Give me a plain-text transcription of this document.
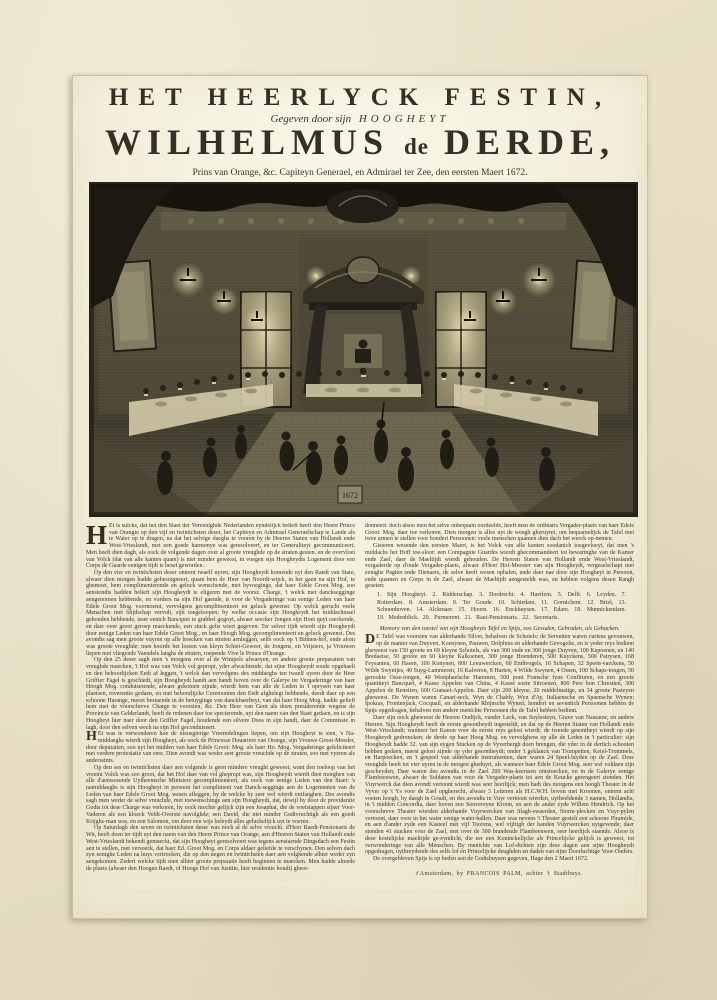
HET HEERLYCK FESTIN,
Gegeven door sijn HOOGHEYT
WILHELMUS de DERDE,
Prins van Orange, &c. Capiteyn Generael, en Admirael ter Zee, den eersten Maert 1672.
1672

H Et is sulcks, dat het den Staet der Vereenighde Nederlanden eyndelijck belieft heeft den Heere Prince van Orangie op den vijf en twintichsten deser, het Capiteyn en Admirael Generaelschap te Lande als te Water op te dragen, na dat het selvige daeghs te vooren by de Heeren Staten van Hollandt ende West-Vrieslandt, met een goede harmonye was geresolveert, en ter Generaliteyt gecommuniceert. Men heeft dien dagh, als oock de volgende dagen over al groote vreughde op de straten gesien, en de overvloet van Volck (dat van alle kanten quam) is niet minder geweest, in voegen sijn Hoogheydts Logement door een Corps de Guarde eenigen tijdt is beset geworden.

Op den vier en twintichsten deser ontrent twaelf uyren, sijn Hoogheydt komende uyt den Raedt van State, alwaer dien morgen hadde gebesoigneert, quam hem de Heer van Noordt-wijck, in het gaen na sijn Hof, te ghemoet, hem complimenterende en geluck wenschende, met byvoeginge, dat haer Edele Groot Mog. soo aenstondts hadden belieft sijn Hoogheydt te eligeren met de voorsz. Charge, 't welck met dancksegginge aengenomen hebbende, en vorders na sijn Hof gaende, is voor de Vergaderinge van eenige Leden van haer Edele Groot Mog. voornoemt, vervolgens gecomplimenteert en geluck gewenst: Op welck gerucht veele Menschen met blijdschap vervult, sijn toegeloopen; by welke occasie sijn Hoogheydt het middachmael gehouden hebbende, isser eenich Bancquet te grabbel gegoyt, alwaer seecker Jongen sijn Hoet quyt raeckende, en daer over groot geroep maeckende, een stuck gelts wiert gegeven: Ter selver tijdt wierdt sijn Hoogheydt door eenige Leden van haer Edele Groot Mog., en haer Hoogh Mog. gecomplimenteert en geluck gewenst. Des avondts sag men groote vuyren op alle hoecken van straten aenleggen, selfs oock op 't Binnen-hof, ende alom was groote vreughde; men hoorde het lossen van kleyn Schiet-Geweer, de Jongens, en Vrijsters, ja Vrouwen liepen met vliegende Vaendels langhs de straten, roepende Vive le Prince d'Orange.

Op den 25 deser sagh men 's morgens over al de Wimpels afwaeyen, en andere groote preparatien van vreughde maecken, 't Hof was van Volck vol gepropt, yder afwachtende, dat sijne Hoogheydt soude opgehaelt en den behoorlijcken Eedt af leggen, 't welck dan vervolgens des middaeghs ten twaelf uyren door de Heer Griffier Fagel is geschiedt, sijn Hoogheydt handt aen handt boven over de Galerye ter Vergaderinge van haer Hoogh Mog. conduiserende, alwaer gekomen zijnde, wierdt hem van alle de Leden in 't oprysen van haer plaetsen, reverentie gedaen, en met behoorlijcke Ceremonien den Eedt afghelegt hebbende, deedt daer op een schoone Harange, meest bestaende in de betuyginge van danckbaerheyt, van dat haer Hoog Mog. hadde gelieft hem met de voorschreve Charge te voorsien, &c. Den Heer van Gent als doen presiderende wegens de Provincie van Gelderlandt, heeft de redenen daer toe specterende, uyt den naem van den Staet gedaen, en is sijn Hoogheyt hier naer door den Griffier Fagel, houdende een silvere Doos in sijn handt, daer de Commissie in lagh, door den selven wech na sijn Hof geconduiseert.

H Et was te verwonderen hoe de nieusgierige Vreemdelingen liepen, om sijn Hoogheyt te sien, 's Na-middaeghs wierdt sijn Hoogheyt, als oock de Princesse Douariere van Orange, sijn Vrouwe Groot-Moeder, door deputatien, soo uyt het midden van haer Edele Groot: Mog. als haer Ho. Mog. Vergaderinge gefeliciteert met verdere protestatie van eere. Dien avondt was weder seer groote vreuchde op de straten, soo met vyeren als anderssints.

Op den ses en twintichsten daer aen volgende is geen mindere vreught geweest, want den toeloop van het vreemt Volck was soo groot, dat het Hof daer van vol ghepropt was, sijn Hoogheydt wierdt dien morghen van alle d'aenwesende Uytheemsche Ministers gecomplimenteert, als oock van eenige Leden van den Staet: 's namiddaeghs is sijn Hoogheyt in persoon het compliment van Danck-segginge aen de Logementen van de Leden van haer Edele Groot Mog. wesen afleggen, by de welcke hy seer wel wierdt ontfanghen. Des avondts sagh men weder de selve vreuchde, met toewenschinge aen sijn Hoogheydt, dat, dewijl hy door de providentie Godts tot dese Charge was verkoren, hy oock mochte gelijck zijn een Josaphat, die de voetstappen sijner Voor-Vaderen als een kloeck Veldt-Overste navolghde; een David, die niet minder Godtvruchtigh als een goedt Krijghs-man was, en een Salomon, om door een wijs beleydt alles geluckelijck uyt te voeren.

Op Saturdagh den seven en twintichsten deser was noch al de selve vreucht. d'Heer Raedt-Pensionaris de Wit, heeft doen ter tijdt uyt den naem van den Heere Prince van Orange, aen d'Heeren Staten van Hollandt ende West-Vrieslandt bekendt gemaeckt, dat sijn Hoogheyt geresolveert was tegens aenstaende Dingsdach een Festin aen te stellen, met versoeck, dat haer Ed. Groot Mog. en Corps aldaer geliefde te verschynen. Den selven dach zyn eenighe Leden na huys vertrocken, die op den negen en twintichsten daer aen volghende alhier weder zyn aengekomen. Zedert welcke tijdt men alhier groote preparatie heeft beginnen te maecken. Men hadde alreede de plaets (alwaer den Hoogen Raedt, of Hooge Hof van Justitie, hier residentie houdt) gheor-

donneert: doch alsoo men het selve onbequam oordeelde, heeft men de ordinaris Vergader-plaets van haer Edele Groot: Mog. daer toe verkoren. Dien morgen is alles uyt de weegh gheruymt, om bequamelijck de Tafel met twee armen te stellen voor hondert Persoonen: veele menschen quamen dien dach het werck op-nemen.

Gisteren wesende den eersten Maert, is het Volck van alle kanten soodanich toegevloeyt, dat men 's middachs het Hoff toe-sloot: een Compagnie Guardes wierdt ghecommandeert tot bewaringhe van de Kamer ende Zael, daer de Maeltijdt wierdt gehouden. De Heeren Staten van Hollandt ende West-Vrieslandt, vergaderde op d'oude Vergader-plaets, alwaer d'Heer Hof-Meester van sijn Hoogheydt, vergeselschapt met eenighe Pagien ende Dienaers, de selve heeft wesen ophalen, ende daer nae door sijn Hoogheyt in Persoon, ende quamen en Corps in de Zael, alwaer de Maeltijdt aengesteldt was, en hebben volgens desen Rangh geseten:

1. Sijn Hoogheyt. 2. Ridderschap. 3. Dordrecht: 4. Haerlem. 5. Delft. 6. Leyden. 7. Rotterdam. 8. Amsterdam. 9. Ter Goude. 10. Schiedam. 11. Gornichem. 12. Briel, 13. Schoonhoven. 14. Alckmaer. 15. Hoorn. 16. Enckhuysen. 17. Edam. 18. Munnickendam. 19. Medenblick. 20. Purmerent. 21. Raet-Pensionaris. 22. Secretaris.

Memory van den toestel van sijn Hoogheyts Tafel en Spijs, soo Gesoden, Gebraden, als Gebacken.

D E Tafel was voorsien van alderhande Silver, behalven de Schotels: de Servetten waren curieus gevouwen, op de manier van Duyven, Koenynen, Pauwen, Dolphins en alderhande Gevogelte, en is yeder reys bedient gheweest van 150 groote en 69 kleyne Schotels, als van 300 oude en 300 jonge Duyven, 100 Kapoenen, en 140 Bredaetse, 50 groote en 60 kleyne Kalkoenen, 300 jonge Hoenderen, 500 Kuyckens, 500 Patrysen, 168 Feysanten, 60 Hasen, 100 Konynen, 800 Leeuwercken, 60 Endtvogels, 16 Schapen, 32 Speen-varckens, 50 Wilde Swyntjes, 40 Suyg-Lammeren, 16 Kalveren, 8 Harten, 4 Wilde Swynen, 4 Ossen, 100 Schaps-tongen, 50 gerookte Osse-tongen, 40 Westphaelsche Hammen, 500 pont Fransche fyne Confituren, en een groote quantiteyt Bancquet, 4 Kasse Appelen van China, 4 Kasse soete Sitroenen, 800 Pere bon Chrestien, 300 Appelen de Renetten, 600 Granaet-Appelen. Daer sijn 200 kleyne, 20 middelmatige, en 34 groote Pasteyen gheweest. De Wynen waren Canari-seck, Wyn de Chably, Wyn d'Ay, Italiaensche en Spaensche Wynen: Ipokras, Frontenjack, Cocquail, en alderhande Rhijnsche Wynen; hondert en seventich Persoonen hebben de Spijs opgedragen, behalven een andere menichte Persoonen die de Tafel hebben bedient.

Daer sijn oock gheweest de Heeren Oudijck, vander Leck, van Suylesteyn, Grave van Nassauw, en andere Heeren. Sijn Hoogheydt heeft de eerste gesontheydt ingesteldt, en dat op de Heeren Staten van Hollandt ende West-Vrieslandt; wanneer het Kanon voor de eerste reys gelost wierdt; de tweede gesontheyt wierdt op sijn Hoogheydt gedroncken; de derde op haer Hoog Mog. en vervolghens op alle de Leden in 't particulier: sijn Hoogheydt hadde 32. van sijn eygen Stucken op de Vyverbergh doen brengen, die yder in de dertich schooten hebben gedaen, meest gelost zijnde op yder gesontheydt; onder 't geklanck van Trompetten, Ketel-Trommels, en Harpoecken, en 't gespeel van alderhande instrumenten, daer waren 24 Speel-luyden op de Zael. Dese vreughde heeft tot vier uyren in de morgen gheduyrt, als wanneer haer Edele Groot Mog. seer wel voldaen zijn gescheyden; Daer waren des avondts in de Zael 200 Was-keerssen ontstoecken, en in de Galerye eenige Flambeeuwen, alwaer de Soldaten van voor de Vergader-plaets tot aen de Keucke gerengeert stonden. Het Vuyrwerck dat dien avondt vertoont wierdt was seer heerlijck; men hadt des morgens een hoogh Theater in de Vyver op 't Ys voor de Zael opgherecht, alwaer 3 Letteren als H.C.W.H. boven met Kroonen, ontrent acht voeten hoogh, by daegh in Goudt, en des avondts in Vuyr vertoont wierden, uytbeeldende 3 namen, Hollandia, in 't midden Concordia, daer boven een Souvereyne Kroon, en aen de ander zyde Willem Hendrick. Op het voorschreve Theater wierden alderhande Vuyrwercken van Slagh-swaerden, Storm-plecken en Vuyr-pylen vertoont, daer voor in het water eenige water-ballen. Daer was nevens 't Theater gestelt een schoone Piramide, en aen d'ander zyde een Kasteel met vijf Toorens, wel vijftigh der handen Vuyrwercken uytgevende; daer stonden 41 stucken voor de Zael, met over de 300 brandende Flambeeuwen, seer heerlijck staende. Alsoo is dese kostelijcke maeltijde ge-eyndicht, die eer een Koninckelijcke als Princelijcke gelijck is geweest, tot verwonderinge van alle Menschen. By menichte van Lof-dichten zijn dese dagen aen sijne Hoogheydt opgedragen, uytbreydende des selfs lof en Princelijcke deughden en daden van sijne Doorluchtige Voor-Ouders.

De overgebleven Spijs is op heden aen de Godtshuysen gegeven, Hage den 2 Maert 1672.

t'Amsterdam, by FRANCOIS PALM, achter 't Stadthuys.
